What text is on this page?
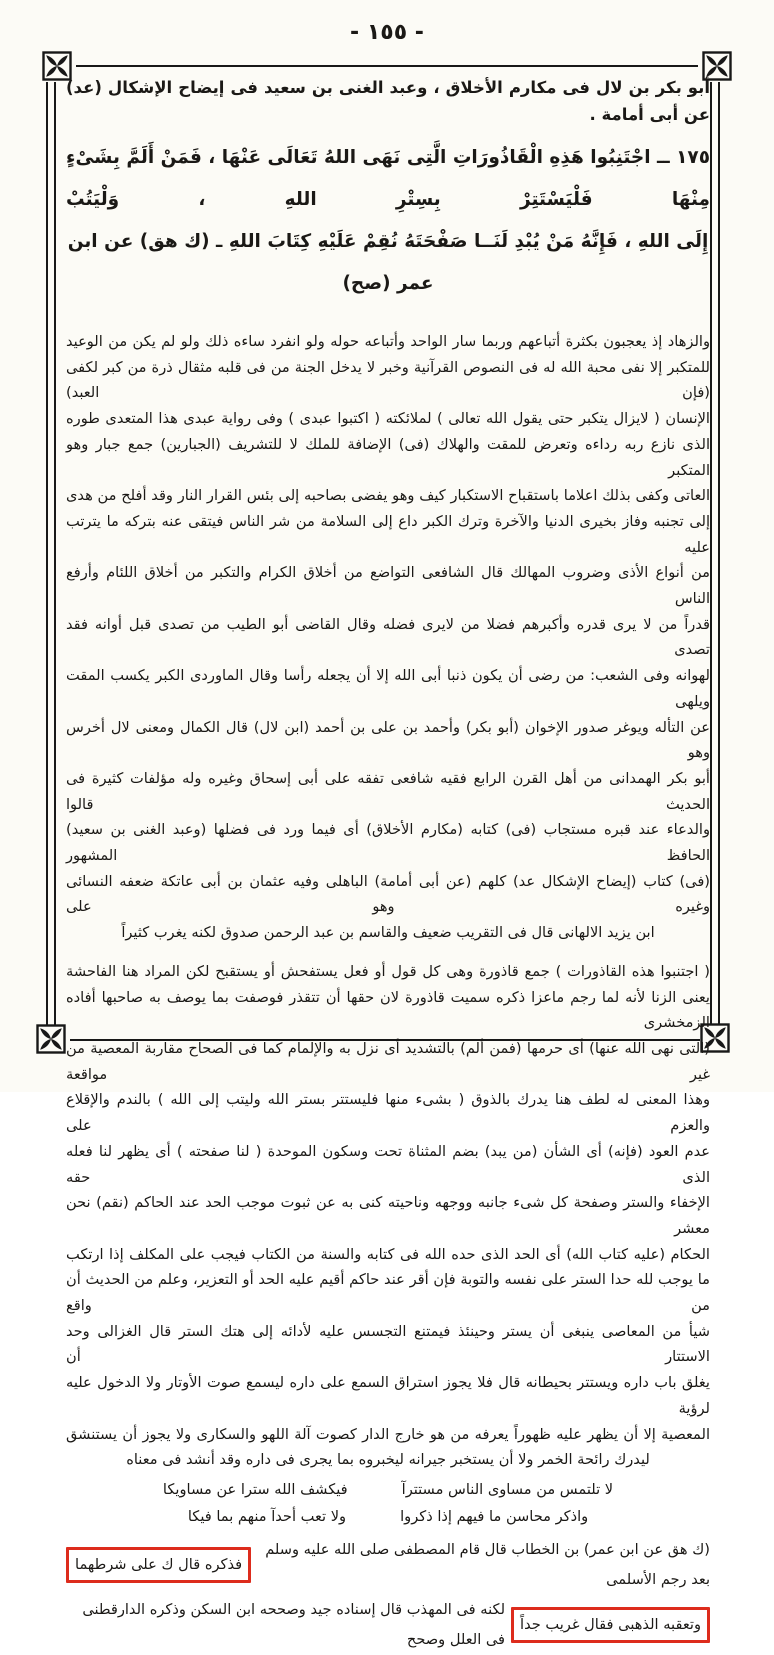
- ١٥٥ -
أبو بكر بن لال فى مكارم الأخلاق ، وعبد الغنى بن سعيد فى إيضاح الإشكال (عد) عن أبى أمامة .
١٧٥ ــ اجْتَنِبُوا هَذِهِ الْقَاذُورَاتِ الَّتِى نَهَى اللهُ تَعَالَى عَنْهَا ، فَمَنْ أَلَمَّ بِشَىْءٍ مِنْهَا فَلْيَسْتَتِرْ بِسِتْرِ اللهِ ، وَلْيَتُبْ
إِلَى اللهِ ، فَإِنَّهُ مَنْ يُبْدِ لَنَــا صَفْحَتَهُ نُقِمْ عَلَيْهِ كِتَابَ اللهِ ـ (ك هق) عن ابن عمر (صح)
والزهاد إذ يعجبون بكثرة أتباعهم وربما سار الواحد وأتباعه حوله ولو انفرد ساءه ذلك ولو لم يكن من الوعيد
للمتكبر إلا نفى محبة الله له فى النصوص القرآنية وخبر لا يدخل الجنة من فى قلبه مثقال ذرة من كبر لكفى (فإن العبد)
الإنسان ( لايزال يتكبر حتى يقول الله تعالى ) لملائكته ( اكتبوا عبدى ) وفى رواية عبدى هذا المتعدى طوره
الذى نازع ربه رداءه وتعرض للمقت والهلاك (فى) الإضافة للملك لا للتشريف (الجبارين) جمع جبار وهو المتكبر
العاتى وكفى بذلك اعلاما باستقباح الاستكبار كيف وهو يفضى بصاحبه إلى بئس القرار النار وقد أفلح من هدى
إلى تجنبه وفاز بخيرى الدنيا والآخرة وترك الكبر داع إلى السلامة من شر الناس فيتقى عنه بتركه ما يترتب عليه
من أنواع الأذى وضروب المهالك قال الشافعى التواضع من أخلاق الكرام والتكبر من أخلاق اللئام وأرفع الناس
قدراً من لا يرى قدره وأكبرهم فضلا من لايرى فضله وقال القاضى أبو الطيب من تصدى قبل أوانه فقد تصدى
لهوانه وفى الشعب: من رضى أن يكون ذنبا أبى الله إلا أن يجعله رأسا وقال الماوردى الكبر يكسب المقت ويلهى
عن التأله ويوغر صدور الإخوان (أبو بكر) وأحمد بن على بن أحمد (ابن لال) قال الكمال ومعنى لال أخرس وهو
أبو بكر الهمدانى من أهل القرن الرابع فقيه شافعى تفقه على أبى إسحاق وغيره وله مؤلفات كثيرة فى الحديث قالوا
والدعاء عند قبره مستجاب (فى) كتابه (مكارم الأخلاق) أى فيما ورد فى فضلها (وعبد الغنى بن سعيد) الحافظ المشهور
(فى) كتاب (إيضاح الإشكال عد) كلهم (عن أبى أمامة) الباهلى وفيه عثمان بن أبى عاتكة ضعفه النسائى وغيره وهو على
ابن يزيد الالهانى قال فى التقريب ضعيف والقاسم بن عبد الرحمن صدوق لكنه يغرب كثيراً
( اجتنبوا هذه القاذورات ) جمع قاذورة وهى كل قول أو فعل يستفحش أو يستقبح لكن المراد هنا الفاحشة
يعنى الزنا لأنه لما رجم ماعزا ذكره سميت قاذورة لان حقها أن تتقذر فوصفت بما يوصف به صاحبها أفاده الزمخشرى
(التى نهى الله عنها) أى حرمها (فمن ألم) بالتشديد أى نزل به والإلمام كما فى الصحاح مقاربة المعصية من غير مواقعة
وهذا المعنى له لطف هنا يدرك بالذوق ( بشىء منها فليستتر بستر الله وليتب إلى الله ) بالندم والإقلاع والعزم على
عدم العود (فإنه) أى الشأن (من يبد) بضم المثناة تحت وسكون الموحدة ( لنا صفحته ) أى يظهر لنا فعله الذى حقه
الإخفاء والستر وصفحة كل شىء جانبه ووجهه وناحيته كنى به عن ثبوت موجب الحد عند الحاكم (نقم) نحن معشر
الحكام (عليه كتاب الله) أى الحد الذى حده الله فى كتابه والسنة من الكتاب فيجب على المكلف إذا ارتكب
ما يوجب لله حدا الستر على نفسه والتوبة فإن أقر عند حاكم أقيم عليه الحد أو التعزير، وعلم من الحديث أن من واقع
شيأ من المعاصى ينبغى أن يستر وحينئذ فيمتنع التجسس عليه لأدائه إلى هتك الستر قال الغزالى وحد الاستتار أن
يغلق باب داره ويستتر بحيطانه قال فلا يجوز استراق السمع على داره ليسمع صوت الأوتار ولا الدخول عليه لرؤية
المعصية إلا أن يظهر عليه ظهوراً يعرفه من هو خارج الدار كصوت آلة اللهو والسكارى ولا يجوز أن يستنشق
ليدرك رائحة الخمر ولا أن يستخبر جيرانه ليخبروه بما يجرى فى داره وقد أنشد فى معناه
لا تلتمس من مساوى الناس مستترآ
فيكشف الله سترا عن مساويكا
واذكر محاسن ما فيهم إذا ذكروا
ولا تعب أحدآ منهم بما فيكا
(ك هق عن ابن عمر) بن الخطاب قال قام المصطفى صلى الله عليه وسلم بعد رجم الأسلمى
فذكره قال ك على شرطهما
وتعقبه الذهبى فقال غريب جداً
لكنه فى المهذب قال إسناده جيد وصححه ابن السكن وذكره الدارقطنى فى العلل وصحح
